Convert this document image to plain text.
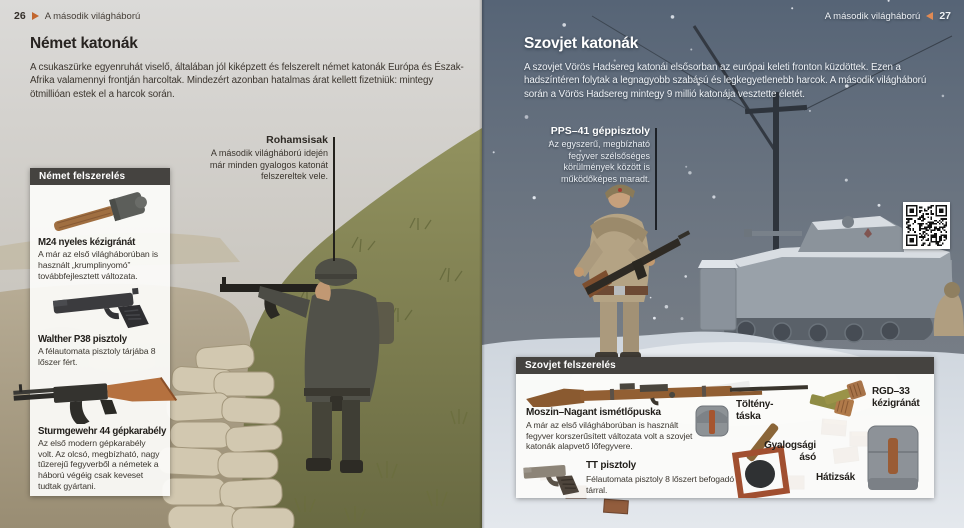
26 A második világháború
Német katonák

A csukaszürke egyenruhát viselő, általában jól kiképzett és felszerelt német katonák Európa és Észak-Afrika valamennyi frontján harcoltak. Mindezért azonban hatalmas árat kellett fizetniük: mintegy ötmillióan estek el a harcok során.

Rohamsisak
A második világháború idején már minden gyalogos katonát felszereltek vele.
Német felszerelés
M24 nyeles kézigránát
A már az első világháborúban is használt „krumplinyomó” továbbfejlesztett változata.
Walther P38 pisztoly
A félautomata pisztoly tárjába 8 lőszer fért.
Sturmgewehr 44 gépkarabély
Az első modern gépkarabély volt. Az olcsó, megbízható, nagy tűzerejű fegyverből a németek a háború végéig csak keveset tudtak gyártani.
A második világháború 27
Szovjet katonák

A szovjet Vörös Hadsereg katonái elsősorban az európai keleti fronton küzdöttek. Ezen a hadszíntéren folytak a legnagyobb szabású és legkegyetlenebb harcok. A második világháború során a Vörös Hadsereg mintegy 9 millió katonája vesztette életét.

PPS–41 géppisztoly
Az egyszerű, megbízható fegyver szélsőséges körülmények között is működőképes maradt.
Szovjet felszerelés
Moszin–Nagant ismétlőpuska
A már az első világháborúban is használt fegyver korszerűsített változata volt a szovjet katonák alapvető lőfegyvere.
Töltény-táska
RGD–33 kézigránát
Gyalogsági ásó
TT pisztoly
Félautomata pisztoly 8 lőszert befogadó tárral.
Hátizsák
